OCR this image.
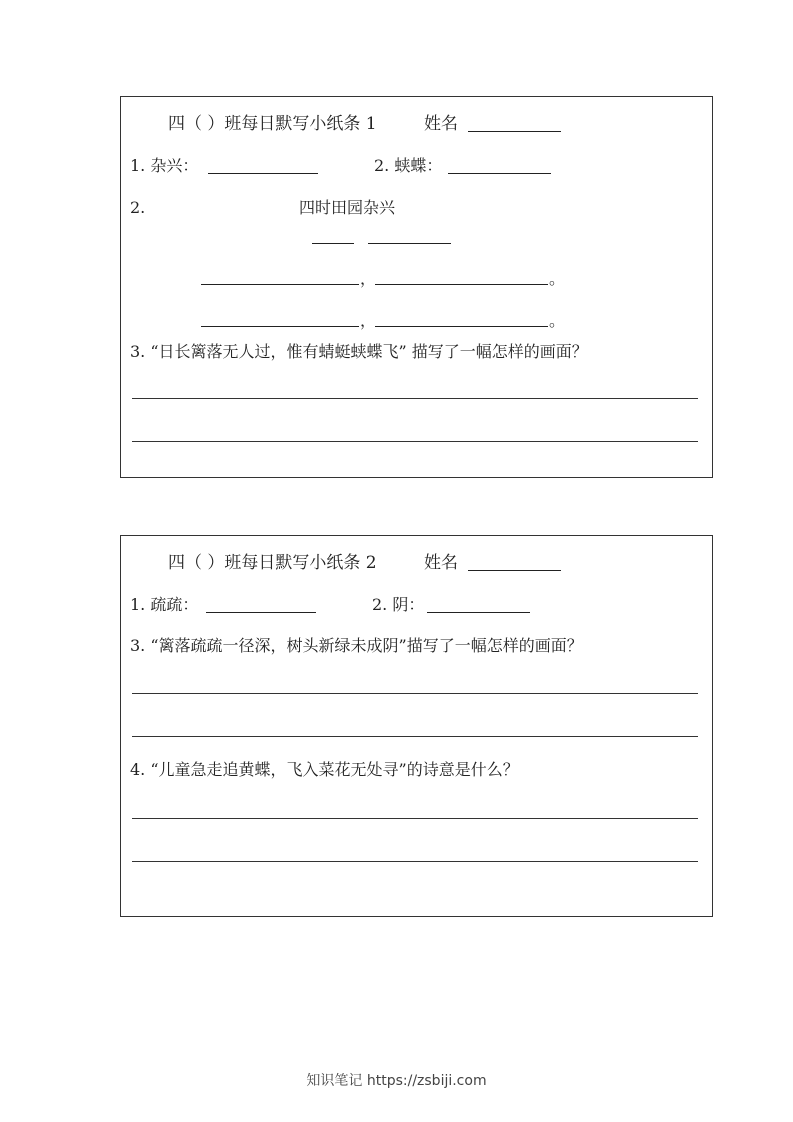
四（ ）班每日默写小纸条 1	姓名
1. 杂兴：	2. 蛱蝶：
2.	四时田园杂兴
，	。
，	。
3. “日长篱落无人过，惟有蜻蜓蛱蝶飞” 描写了一幅怎样的画面？
四（ ）班每日默写小纸条 2	姓名
1. 疏疏：	2. 阴：
3. “篱落疏疏一径深，树头新绿未成阴”描写了一幅怎样的画面？
4. “儿童急走追黄蝶，飞入菜花无处寻”的诗意是什么？
知识笔记 https://zsbiji.com
